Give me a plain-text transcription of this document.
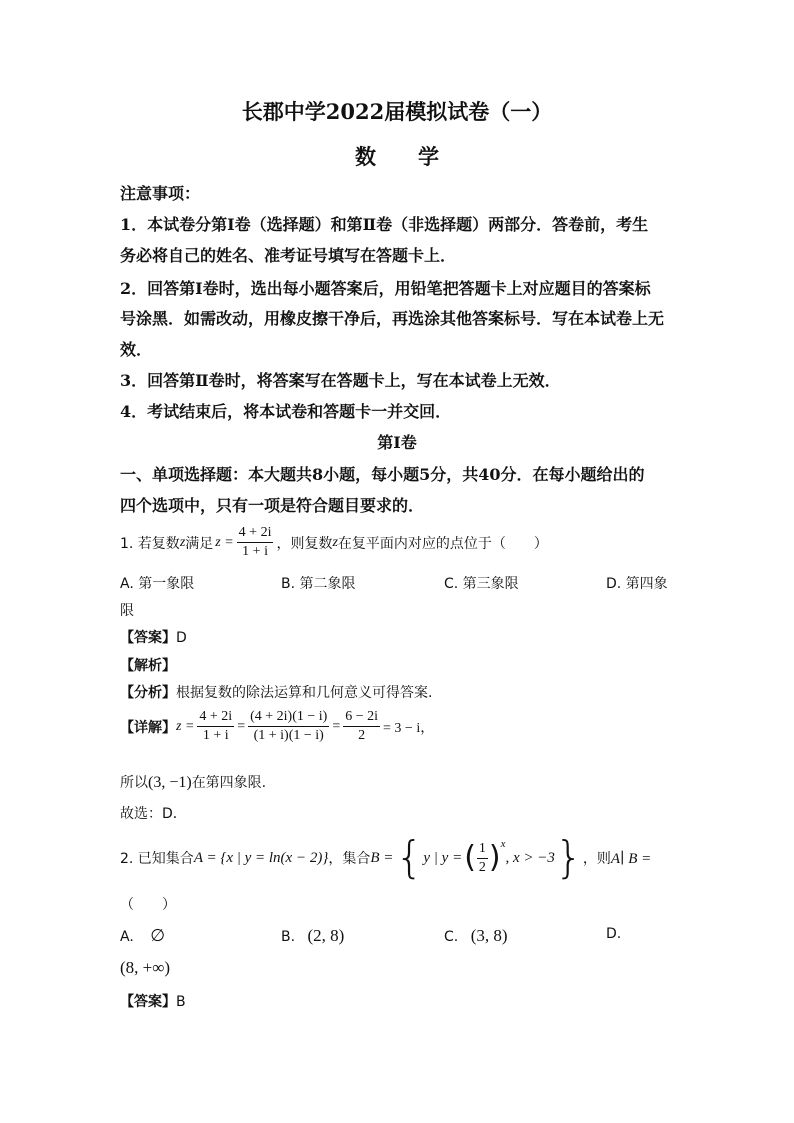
长郡中学2022届模拟试卷（一）
数　　学
注意事项：
1．本试卷分第Ⅰ卷（选择题）和第Ⅱ卷（非选择题）两部分．答卷前，考生
务必将自己的姓名、准考证号填写在答题卡上．
2．回答第Ⅰ卷时，选出每小题答案后，用铅笔把答题卡上对应题目的答案标
号涂黑．如需改动，用橡皮擦干净后，再选涂其他答案标号．写在本试卷上无
效．
3．回答第Ⅱ卷时，将答案写在答题卡上，写在本试卷上无效．
4．考试结束后，将本试卷和答题卡一并交回．
第Ⅰ卷
一、单项选择题：本大题共8小题，每小题5分，共40分．在每小题给出的
四个选项中，只有一项是符合题目要求的．
1. 若复数 z 满足 $z = \frac{4 + 2i}{1 + i}$ ，则复数 z 在复平面内对应的点位于（　　）
A. 第一象限	B. 第二象限	C. 第三象限	D. 第四象
限
【答案】D
【解析】
【分析】根据复数的除法运算和几何意义可得答案.
【详解】 $z = \frac{4 + 2i}{1 + i} = \frac{(4 + 2i)(1 - i)}{(1 + i)(1 - i)} = \frac{6 - 2i}{2} = 3 - i$，
所以(3, −1)在第四象限.
故选：D．
2. 已知集合 A = {x | y = ln(x − 2)} ，集合 B = { y | y = ( $\frac{1}{2}$ ) x
, x > −3 } ，则 A∣ B =
（　　）
A. ∅	B. (2, 8)	C. (3, 8)	D.
(8, +∞)
【答案】B
